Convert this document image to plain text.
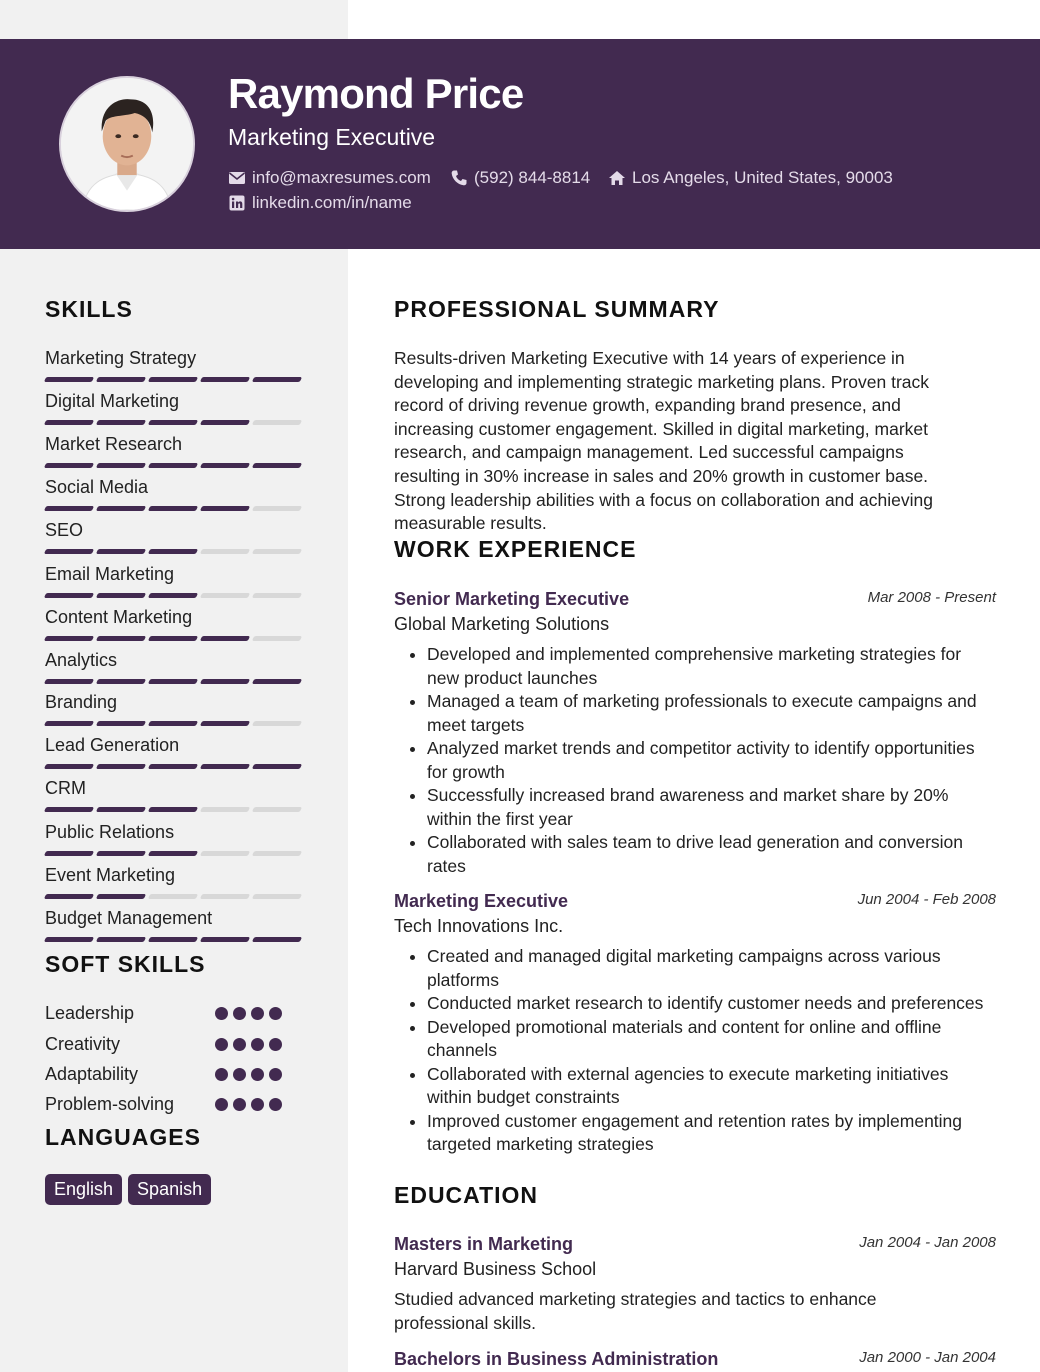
Raymond Price
Marketing Executive
info@maxresumes.com	(592) 844-8814 Los Angeles, United States, 90003
linkedin.com/in/name
SKILLS
Marketing Strategy
Digital Marketing
Market Research
Social Media
SEO
Email Marketing
Content Marketing
Analytics
Branding
Lead Generation
CRM
Public Relations
Event Marketing
Budget Management
SOFT SKILLS
Leadership
Creativity
Adaptability
Problem-solving
LANGUAGES
English	Spanish
PROFESSIONAL SUMMARY
Results-driven Marketing Executive with 14 years of experience in developing and implementing strategic marketing plans. Proven track record of driving revenue growth, expanding brand presence, and increasing customer engagement. Skilled in digital marketing, market research, and campaign management. Led successful campaigns resulting in 30% increase in sales and 20% growth in customer base. Strong leadership abilities with a focus on collaboration and achieving measurable results.
WORK EXPERIENCE
Senior Marketing Executive	Mar 2008 - Present
Global Marketing Solutions
• Developed and implemented comprehensive marketing strategies for new product launches
• Managed a team of marketing professionals to execute campaigns and meet targets
• Analyzed market trends and competitor activity to identify opportunities for growth
• Successfully increased brand awareness and market share by 20% within the first year
• Collaborated with sales team to drive lead generation and conversion rates
Marketing Executive	Jun 2004 - Feb 2008
Tech Innovations Inc.
• Created and managed digital marketing campaigns across various platforms
• Conducted market research to identify customer needs and preferences
• Developed promotional materials and content for online and offline channels
• Collaborated with external agencies to execute marketing initiatives within budget constraints
• Improved customer engagement and retention rates by implementing targeted marketing strategies
EDUCATION
Masters in Marketing	Jan 2004 - Jan 2008
Harvard Business School
Studied advanced marketing strategies and tactics to enhance professional skills.
Bachelors in Business Administration	Jan 2000 - Jan 2004
